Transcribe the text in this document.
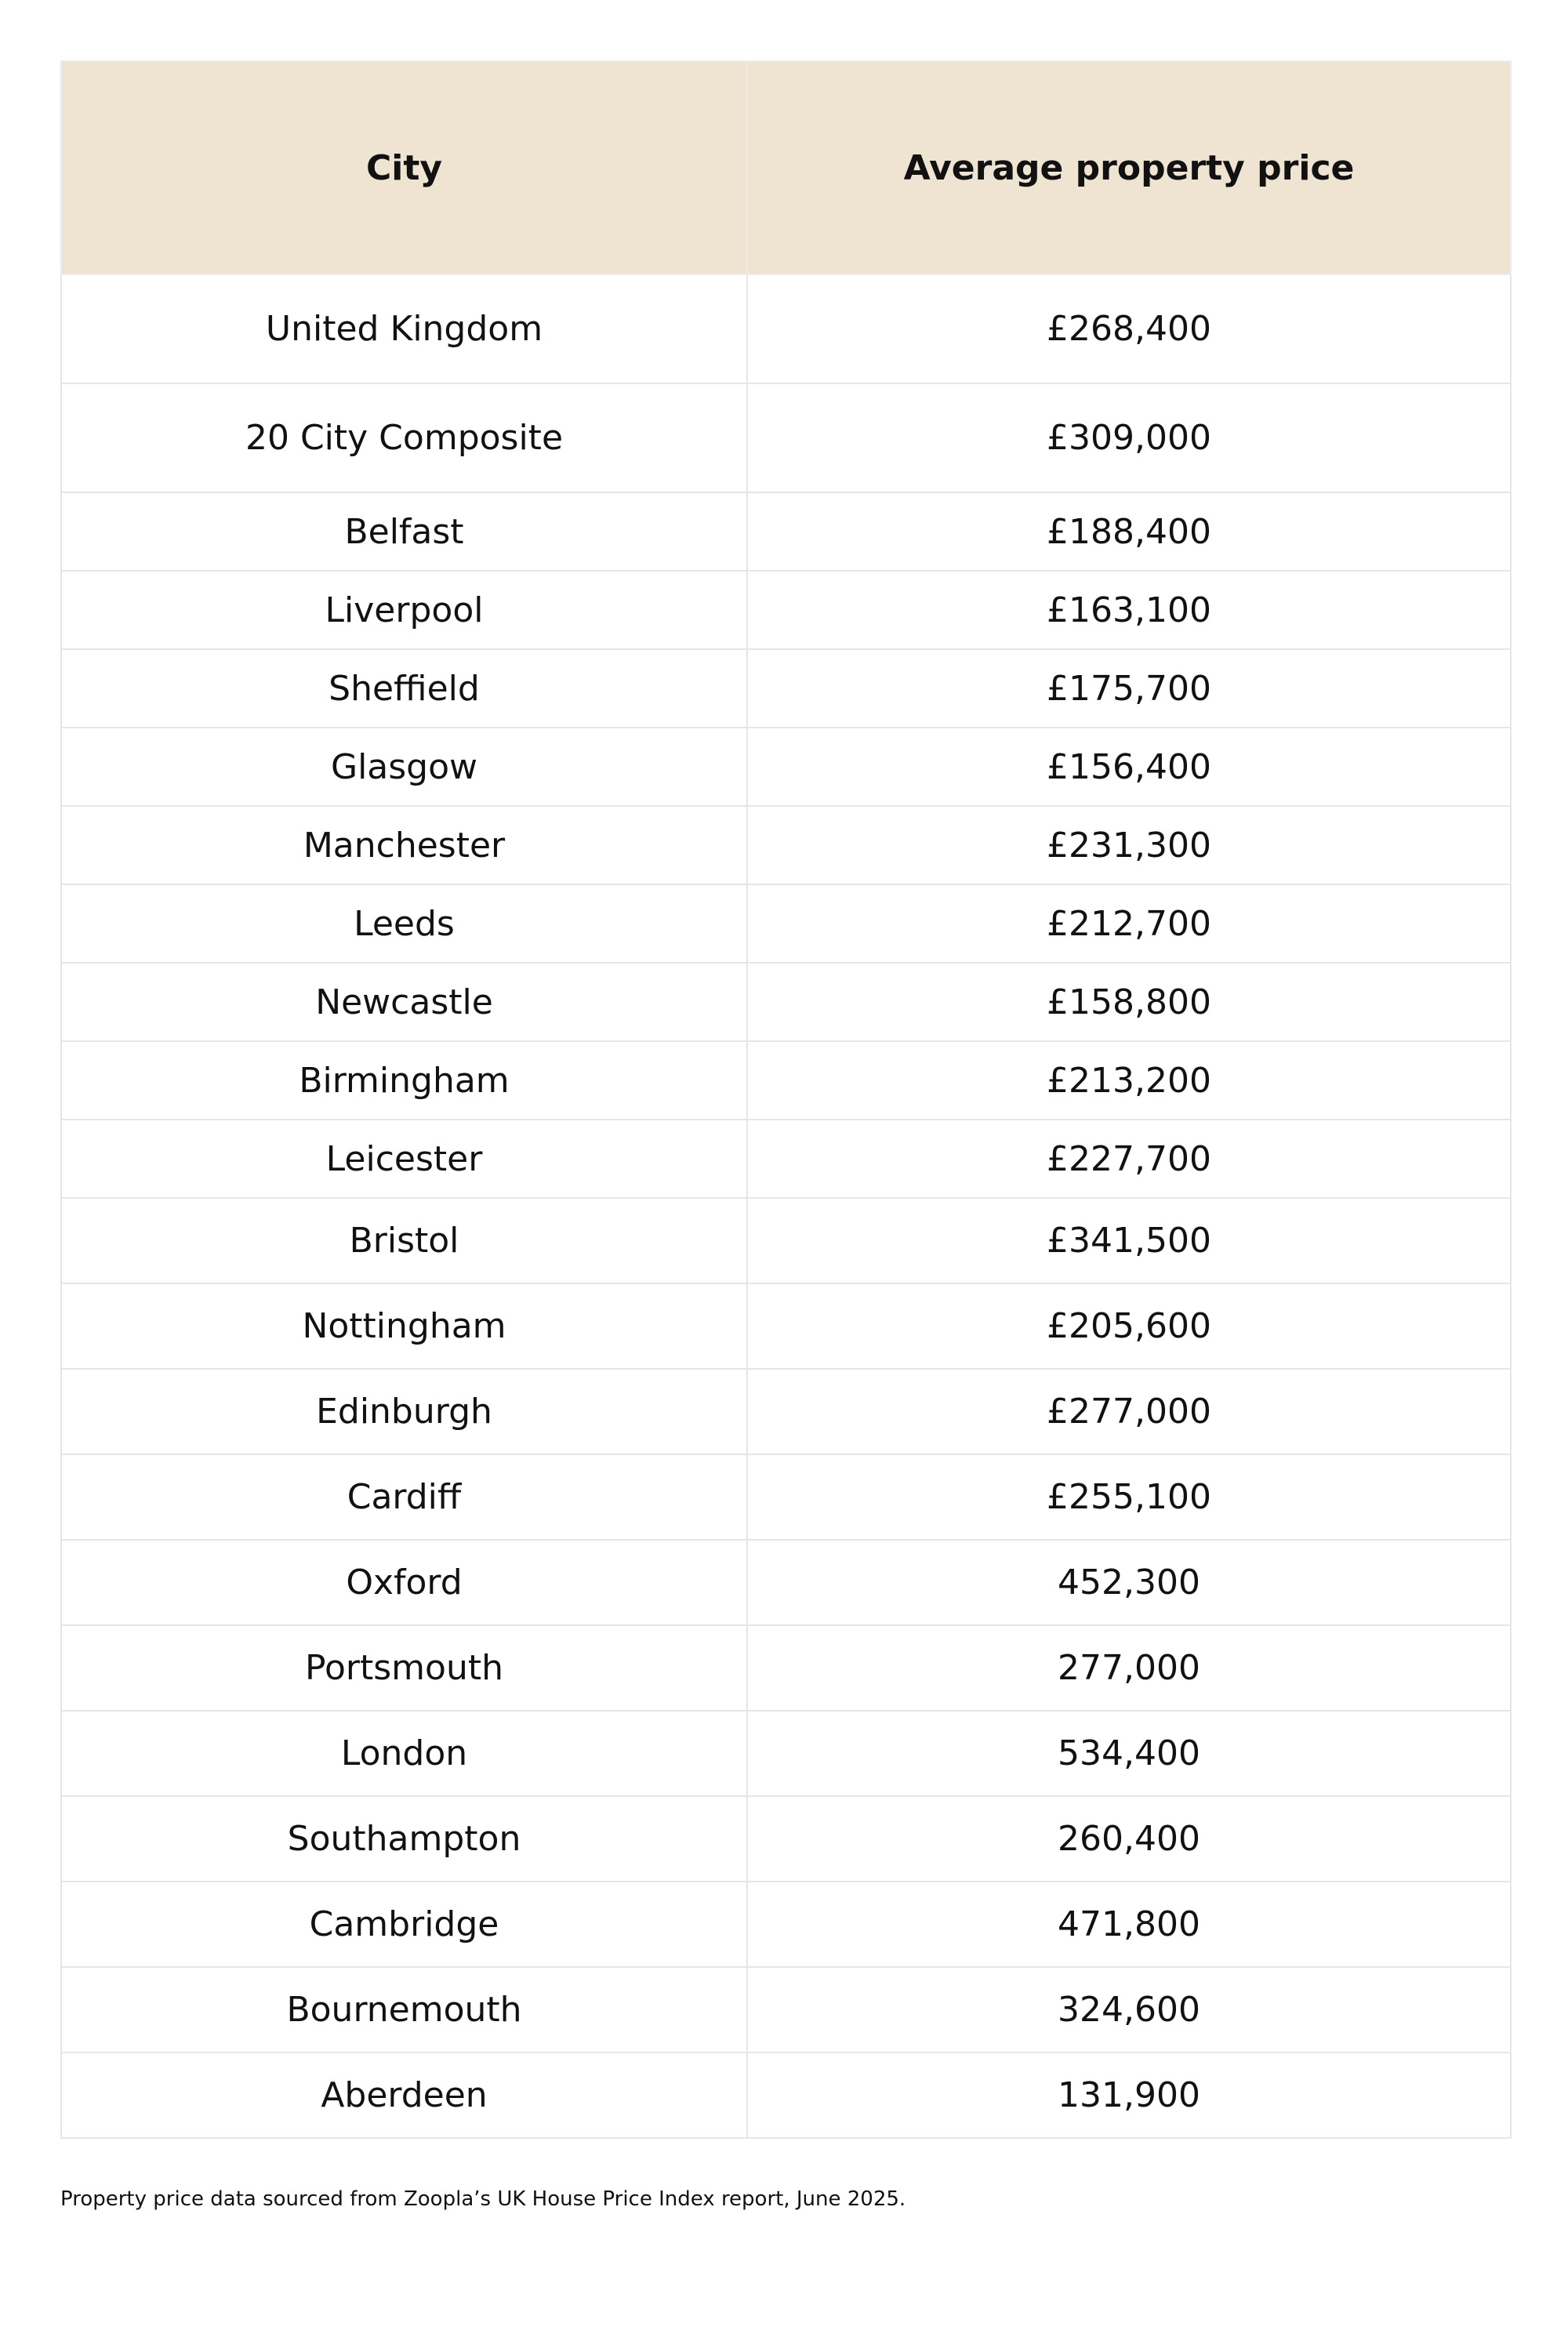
City	Average property price
United Kingdom	£268,400
20 City Composite	£309,000
Belfast	£188,400
Liverpool	£163,100
Sheffield	£175,700
Glasgow	£156,400
Manchester	£231,300
Leeds	£212,700
Newcastle	£158,800
Birmingham	£213,200
Leicester	£227,700
Bristol	£341,500
Nottingham	£205,600
Edinburgh	£277,000
Cardiff	£255,100
Oxford	452,300
Portsmouth	277,000
London	534,400
Southampton	260,400
Cambridge	471,800
Bournemouth	324,600
Aberdeen	131,900
Property price data sourced from Zoopla’s UK House Price Index report, June 2025.
